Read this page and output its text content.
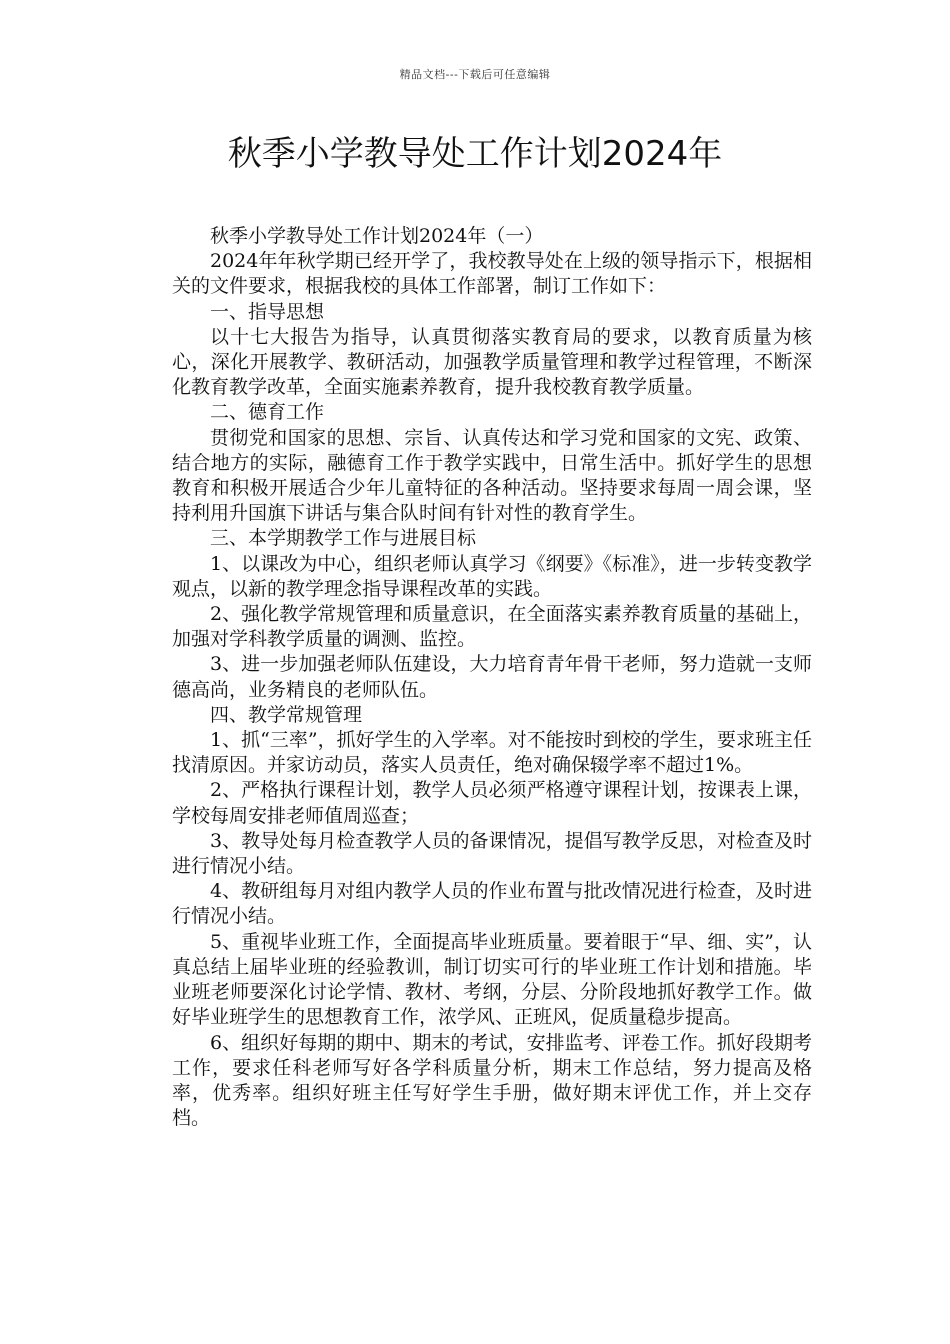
精品文档---下载后可任意编辑
秋季小学教导处工作计划2024年

秋季小学教导处工作计划2024年（一）

2024年年秋学期已经开学了，我校教导处在上级的领导指示下，根据相关的文件要求，根据我校的具体工作部署，制订工作如下：

一、指导思想

以十七大报告为指导，认真贯彻落实教育局的要求，以教育质量为核心，深化开展教学、教研活动，加强教学质量管理和教学过程管理，不断深化教育教学改革，全面实施素养教育，提升我校教育教学质量。

二、德育工作

贯彻党和国家的思想、宗旨、认真传达和学习党和国家的文宪、政策、结合地方的实际，融德育工作于教学实践中，日常生活中。抓好学生的思想教育和积极开展适合少年儿童特征的各种活动。坚持要求每周一周会课，坚持利用升国旗下讲话与集合队时间有针对性的教育学生。

三、本学期教学工作与进展目标

1、以课改为中心，组织老师认真学习《纲要》《标准》，进一步转变教学观点，以新的教学理念指导课程改革的实践。

2、强化教学常规管理和质量意识，在全面落实素养教育质量的基础上，加强对学科教学质量的调测、监控。

3、进一步加强老师队伍建设，大力培育青年骨干老师，努力造就一支师德高尚，业务精良的老师队伍。

四、教学常规管理

1、抓“三率”，抓好学生的入学率。对不能按时到校的学生，要求班主任找清原因。并家访动员，落实人员责任，绝对确保辍学率不超过1%。

2、严格执行课程计划，教学人员必须严格遵守课程计划，按课表上课，学校每周安排老师值周巡查；

3、教导处每月检查教学人员的备课情况，提倡写教学反思，对检查及时进行情况小结。

4、教研组每月对组内教学人员的作业布置与批改情况进行检查，及时进行情况小结。

5、重视毕业班工作，全面提高毕业班质量。要着眼于“早、细、实”，认真总结上届毕业班的经验教训，制订切实可行的毕业班工作计划和措施。毕业班老师要深化讨论学情、教材、考纲，分层、分阶段地抓好教学工作。做好毕业班学生的思想教育工作，浓学风、正班风，促质量稳步提高。

6、组织好每期的期中、期末的考试，安排监考、评卷工作。抓好段期考工作，要求任科老师写好各学科质量分析，期末工作总结，努力提高及格率，优秀率。组织好班主任写好学生手册，做好期末评优工作，并上交存档。
